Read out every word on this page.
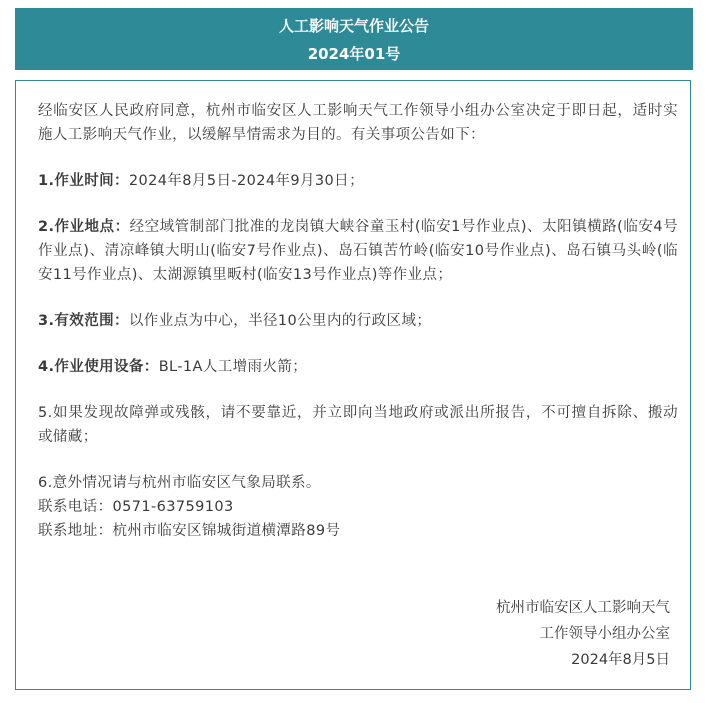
人工影响天气作业公告
2024年01号

经临安区人民政府同意，杭州市临安区人工影响天气工作领导小组办公室决定于即日起，适时实施人工影响天气作业，以缓解旱情需求为目的。有关事项公告如下：

1.作业时间：2024年8月5日-2024年9月30日；

2.作业地点：经空域管制部门批准的龙岗镇大峡谷童玉村(临安1号作业点)、太阳镇横路(临安4号作业点)、清凉峰镇大明山(临安7号作业点)、岛石镇苦竹岭(临安10号作业点)、岛石镇马头岭(临安11号作业点)、太湖源镇里畈村(临安13号作业点)等作业点；

3.有效范围：以作业点为中心，半径10公里内的行政区域；

4.作业使用设备：BL-1A人工增雨火箭；

5.如果发现故障弹或残骸，请不要靠近，并立即向当地政府或派出所报告，不可擅自拆除、搬动或储藏；

6.意外情况请与杭州市临安区气象局联系。

联系电话：0571-63759103

联系地址：杭州市临安区锦城街道横潭路89号

杭州市临安区人工影响天气
工作领导小组办公室
2024年8月5日
